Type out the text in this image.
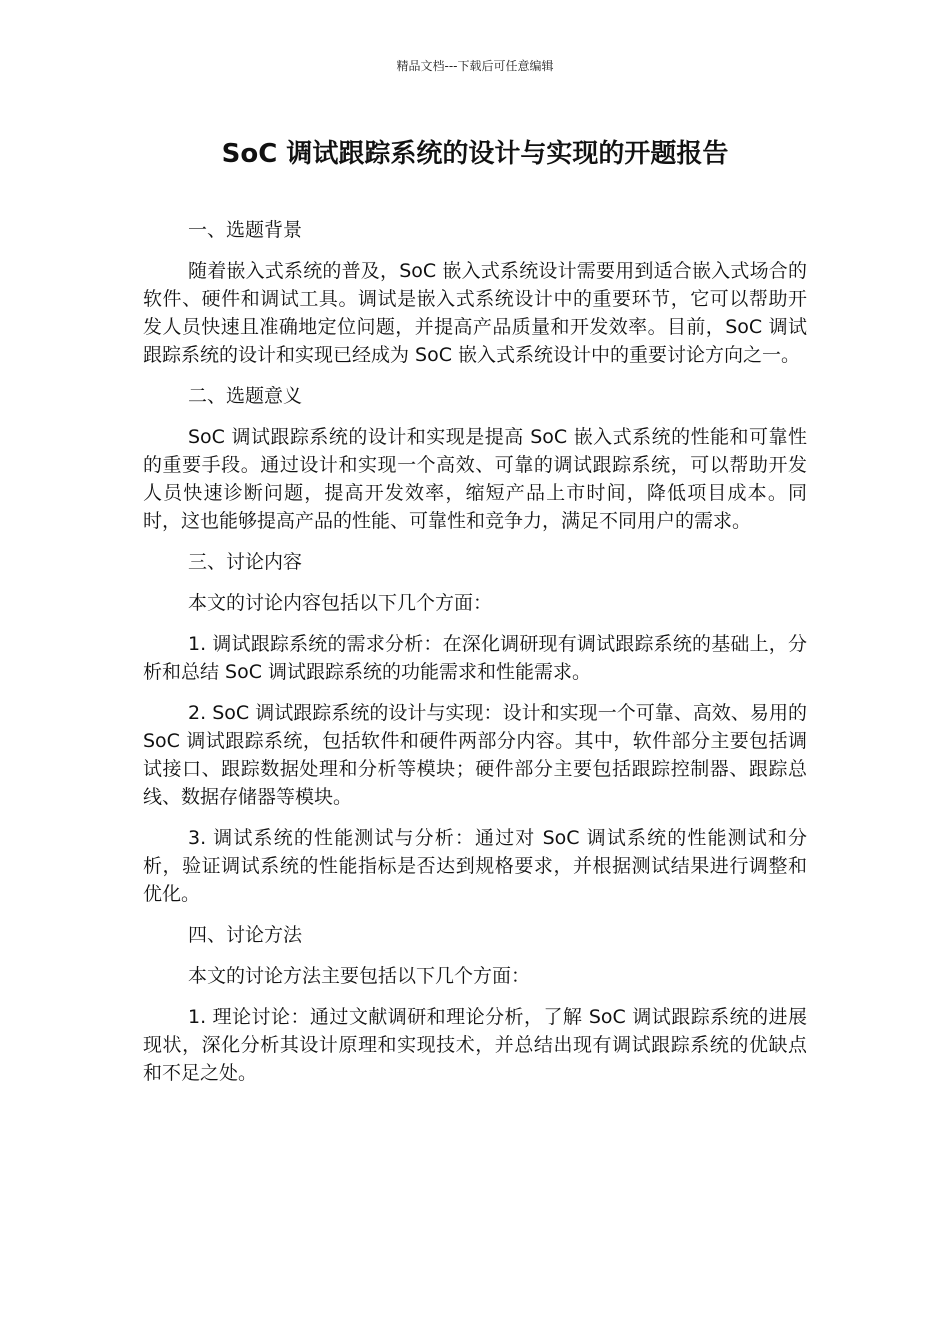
精品文档---下载后可任意编辑
SoC 调试跟踪系统的设计与实现的开题报告

一、选题背景

随着嵌入式系统的普及，SoC 嵌入式系统设计需要用到适合嵌入式场合的软件、硬件和调试工具。调试是嵌入式系统设计中的重要环节，它可以帮助开发人员快速且准确地定位问题，并提高产品质量和开发效率。目前，SoC 调试跟踪系统的设计和实现已经成为 SoC 嵌入式系统设计中的重要讨论方向之一。

二、选题意义

SoC 调试跟踪系统的设计和实现是提高 SoC 嵌入式系统的性能和可靠性的重要手段。通过设计和实现一个高效、可靠的调试跟踪系统，可以帮助开发人员快速诊断问题，提高开发效率，缩短产品上市时间，降低项目成本。同时，这也能够提高产品的性能、可靠性和竞争力，满足不同用户的需求。

三、讨论内容

本文的讨论内容包括以下几个方面：

1. 调试跟踪系统的需求分析：在深化调研现有调试跟踪系统的基础上，分析和总结 SoC 调试跟踪系统的功能需求和性能需求。

2. SoC 调试跟踪系统的设计与实现：设计和实现一个可靠、高效、易用的 SoC 调试跟踪系统，包括软件和硬件两部分内容。其中，软件部分主要包括调试接口、跟踪数据处理和分析等模块；硬件部分主要包括跟踪控制器、跟踪总线、数据存储器等模块。

3. 调试系统的性能测试与分析：通过对 SoC 调试系统的性能测试和分析，验证调试系统的性能指标是否达到规格要求，并根据测试结果进行调整和优化。

四、讨论方法

本文的讨论方法主要包括以下几个方面：

1. 理论讨论：通过文献调研和理论分析，了解 SoC 调试跟踪系统的进展现状，深化分析其设计原理和实现技术，并总结出现有调试跟踪系统的优缺点和不足之处。
